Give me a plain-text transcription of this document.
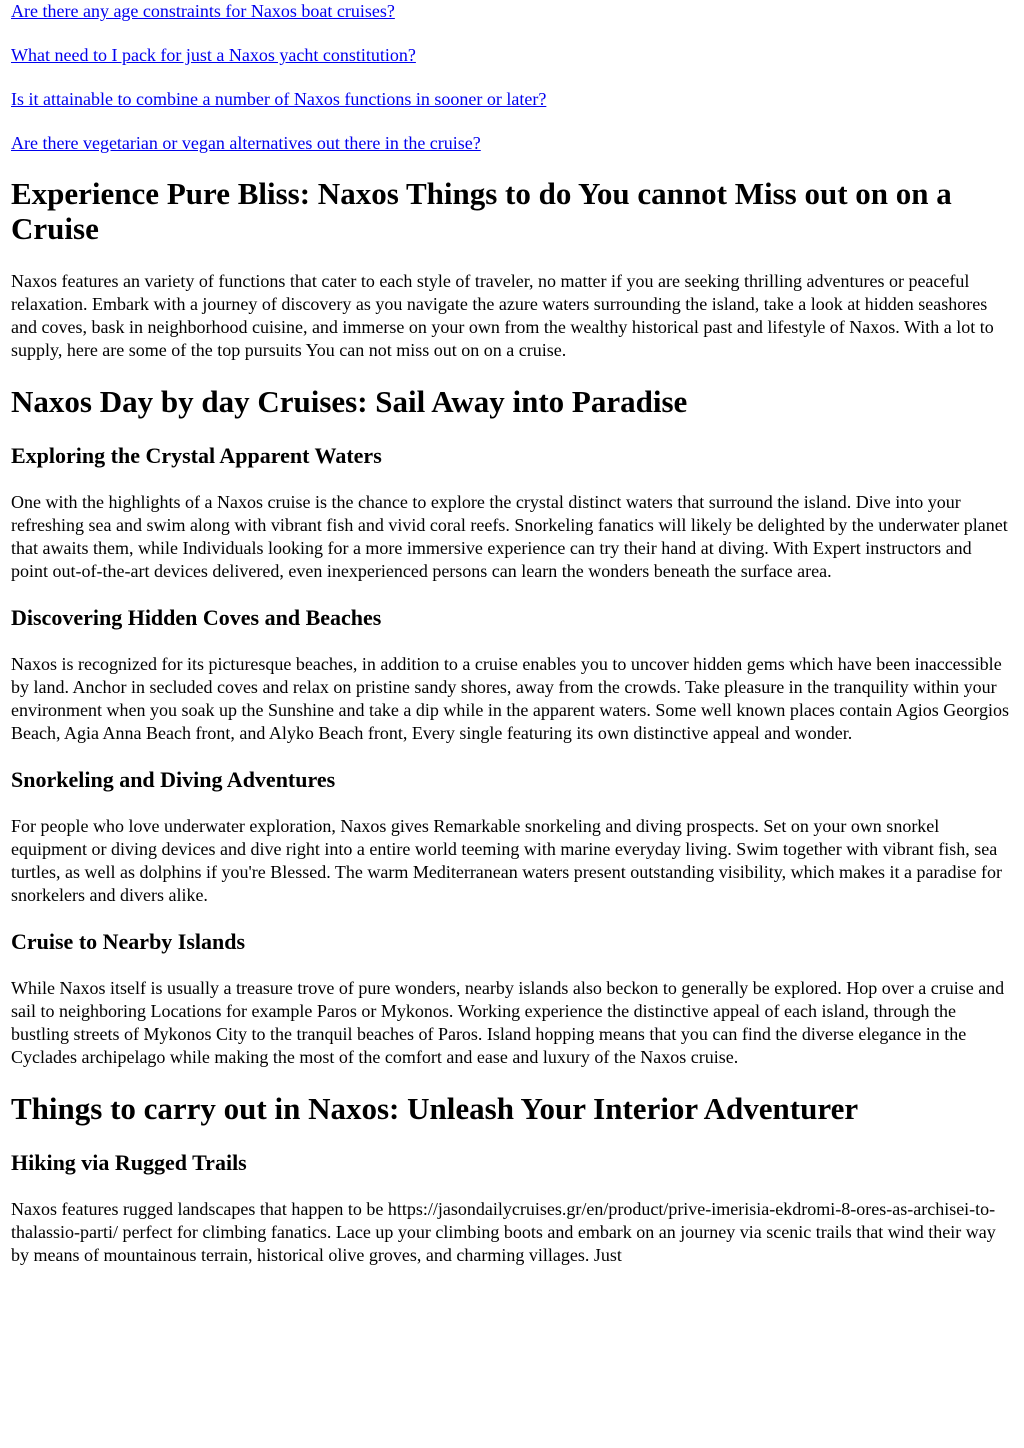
Are there any age constraints for Naxos boat cruises?
What need to I pack for just a Naxos yacht constitution?
Is it attainable to combine a number of Naxos functions in sooner or later?
Are there vegetarian or vegan alternatives out there in the cruise?
Experience Pure Bliss: Naxos Things to do You cannot Miss out on on a Cruise

Naxos features an variety of functions that cater to each style of traveler, no matter if you are seeking thrilling adventures or peaceful relaxation. Embark with a journey of discovery as you navigate the azure waters surrounding the island, take a look at hidden seashores and coves, bask in neighborhood cuisine, and immerse on your own from the wealthy historical past and lifestyle of Naxos. With a lot to supply, here are some of the top pursuits You can not miss out on on a cruise.

Naxos Day by day Cruises: Sail Away into Paradise
Exploring the Crystal Apparent Waters

One with the highlights of a Naxos cruise is the chance to explore the crystal distinct waters that surround the island. Dive into your refreshing sea and swim along with vibrant fish and vivid coral reefs. Snorkeling fanatics will likely be delighted by the underwater planet that awaits them, while Individuals looking for a more immersive experience can try their hand at diving. With Expert instructors and point out-of-the-art devices delivered, even inexperienced persons can learn the wonders beneath the surface area.

Discovering Hidden Coves and Beaches

Naxos is recognized for its picturesque beaches, in addition to a cruise enables you to uncover hidden gems which have been inaccessible by land. Anchor in secluded coves and relax on pristine sandy shores, away from the crowds. Take pleasure in the tranquility within your environment when you soak up the Sunshine and take a dip while in the apparent waters. Some well known places contain Agios Georgios Beach, Agia Anna Beach front, and Alyko Beach front, Every single featuring its own distinctive appeal and wonder.

Snorkeling and Diving Adventures

For people who love underwater exploration, Naxos gives Remarkable snorkeling and diving prospects. Set on your own snorkel equipment or diving devices and dive right into a entire world teeming with marine everyday living. Swim together with vibrant fish, sea turtles, as well as dolphins if you're Blessed. The warm Mediterranean waters present outstanding visibility, which makes it a paradise for snorkelers and divers alike.

Cruise to Nearby Islands

While Naxos itself is usually a treasure trove of pure wonders, nearby islands also beckon to generally be explored. Hop over a cruise and sail to neighboring Locations for example Paros or Mykonos. Working experience the distinctive appeal of each island, through the bustling streets of Mykonos City to the tranquil beaches of Paros. Island hopping means that you can find the diverse elegance in the Cyclades archipelago while making the most of the comfort and ease and luxury of the Naxos cruise.

Things to carry out in Naxos: Unleash Your Interior Adventurer
Hiking via Rugged Trails

Naxos features rugged landscapes that happen to be https://jasondailycruises.gr/en/product/prive-imerisia-ekdromi-8-ores-as-archisei-to-thalassio-parti/ perfect for climbing fanatics. Lace up your climbing boots and embark on an journey via scenic trails that wind their way by means of mountainous terrain, historical olive groves, and charming villages. Just
